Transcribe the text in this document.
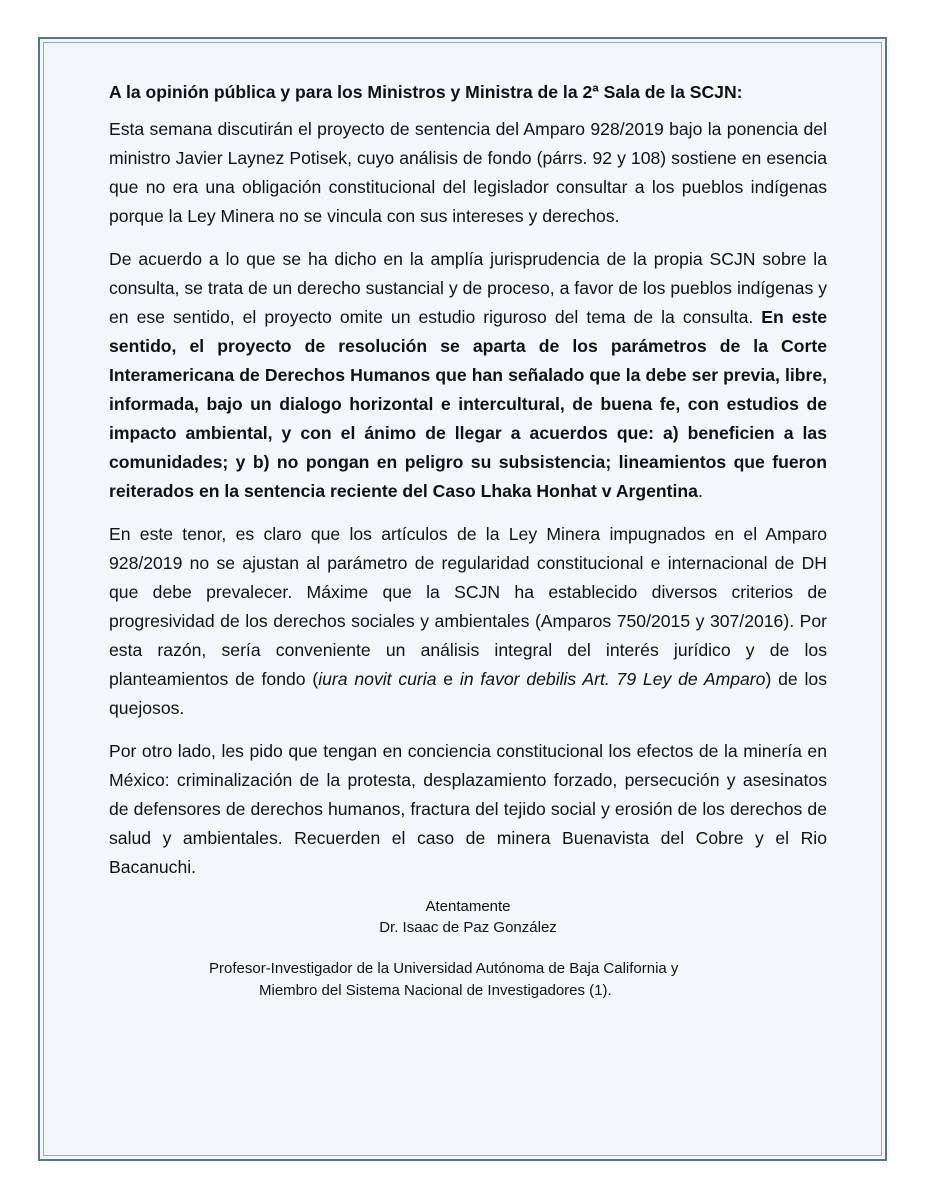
A la opinión pública y para los Ministros y Ministra de la 2ª Sala de la SCJN:

Esta semana discutirán el proyecto de sentencia del Amparo 928/2019 bajo la ponencia del ministro Javier Laynez Potisek, cuyo análisis de fondo (párrs. 92 y 108) sostiene en esencia que no era una obligación constitucional del legislador consultar a los pueblos indígenas porque la Ley Minera no se vincula con sus intereses y derechos.

De acuerdo a lo que se ha dicho en la amplía jurisprudencia de la propia SCJN sobre la consulta, se trata de un derecho sustancial y de proceso, a favor de los pueblos indígenas y en ese sentido, el proyecto omite un estudio riguroso del tema de la consulta. En este sentido, el proyecto de resolución se aparta de los parámetros de la Corte Interamericana de Derechos Humanos que han señalado que la debe ser previa, libre, informada, bajo un dialogo horizontal e intercultural, de buena fe, con estudios de impacto ambiental, y con el ánimo de llegar a acuerdos que: a) beneficien a las comunidades; y b) no pongan en peligro su subsistencia; lineamientos que fueron reiterados en la sentencia reciente del Caso Lhaka Honhat v Argentina.

En este tenor, es claro que los artículos de la Ley Minera impugnados en el Amparo 928/2019 no se ajustan al parámetro de regularidad constitucional e internacional de DH que debe prevalecer. Máxime que la SCJN ha establecido diversos criterios de progresividad de los derechos sociales y ambientales (Amparos 750/2015 y 307/2016). Por esta razón, sería conveniente un análisis integral del interés jurídico y de los planteamientos de fondo (iura novit curia e in favor debilis Art. 79 Ley de Amparo) de los quejosos.

Por otro lado, les pido que tengan en conciencia constitucional los efectos de la minería en México: criminalización de la protesta, desplazamiento forzado, persecución y asesinatos de defensores de derechos humanos, fractura del tejido social y erosión de los derechos de salud y ambientales. Recuerden el caso de minera Buenavista del Cobre y el Rio Bacanuchi.

Atentamente
Dr. Isaac de Paz González
Profesor-Investigador de la Universidad Autónoma de Baja California y
Miembro del Sistema Nacional de Investigadores (1).
